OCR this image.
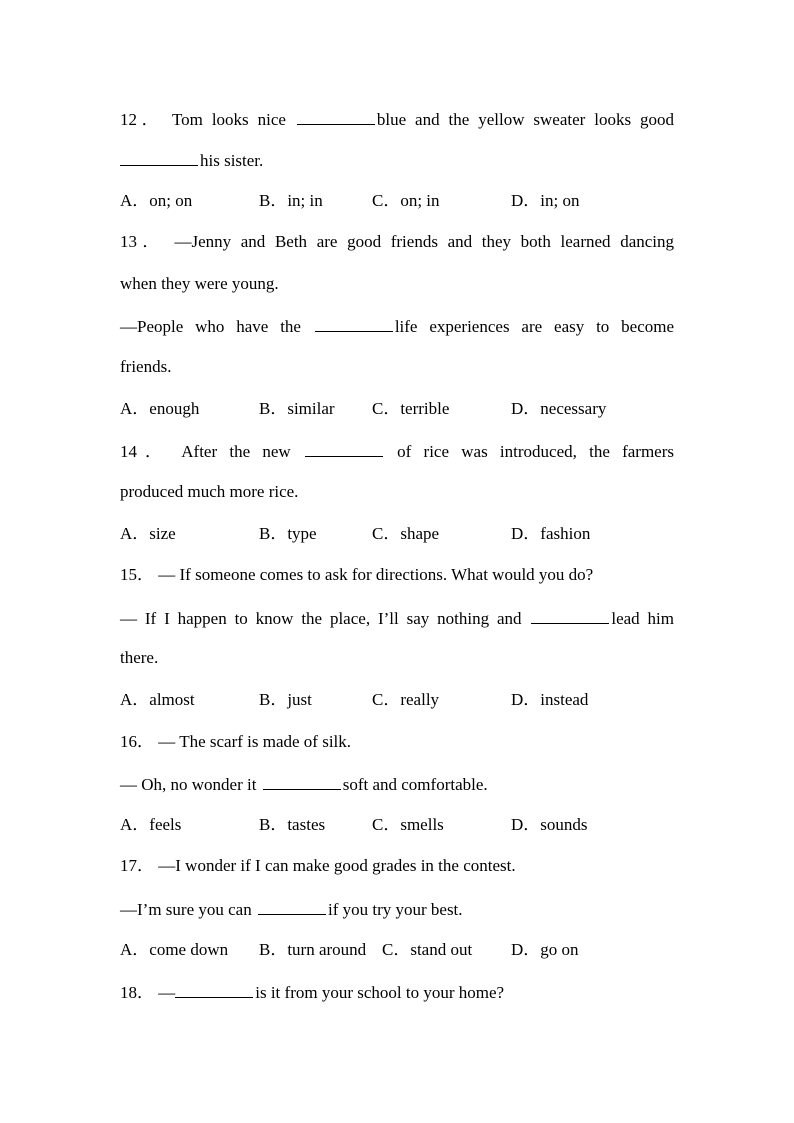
12． Tom looks nice	blue and the yellow sweater looks good
his sister.
A．on; on	B．in; in	C．on; in	D．in; on
13． —Jenny and Beth are good friends and they both learned dancing
when they were young.
—People who have the	life experiences are easy to become
friends.
A．enough	B．similar C．terrible	D．necessary
14． After the new	of rice was introduced, the farmers
produced much more rice.
A．size	B．type	C．shape	D．fashion
15． — If someone comes to ask for directions. What would you do?
— If I happen to know the place, I’ll say nothing and	lead him
there.
A．almost	B．just	C．really	D．instead
16． — The scarf is made of silk.
— Oh, no wonder it	soft and comfortable.
A．feels	B．tastes	C．smells	D．sounds
17． —I wonder if I can make good grades in the contest.
—I’m sure you can	if you try your best.
A．come down B．turn around C．stand out D．go on
18． —	is it from your school to your home?
